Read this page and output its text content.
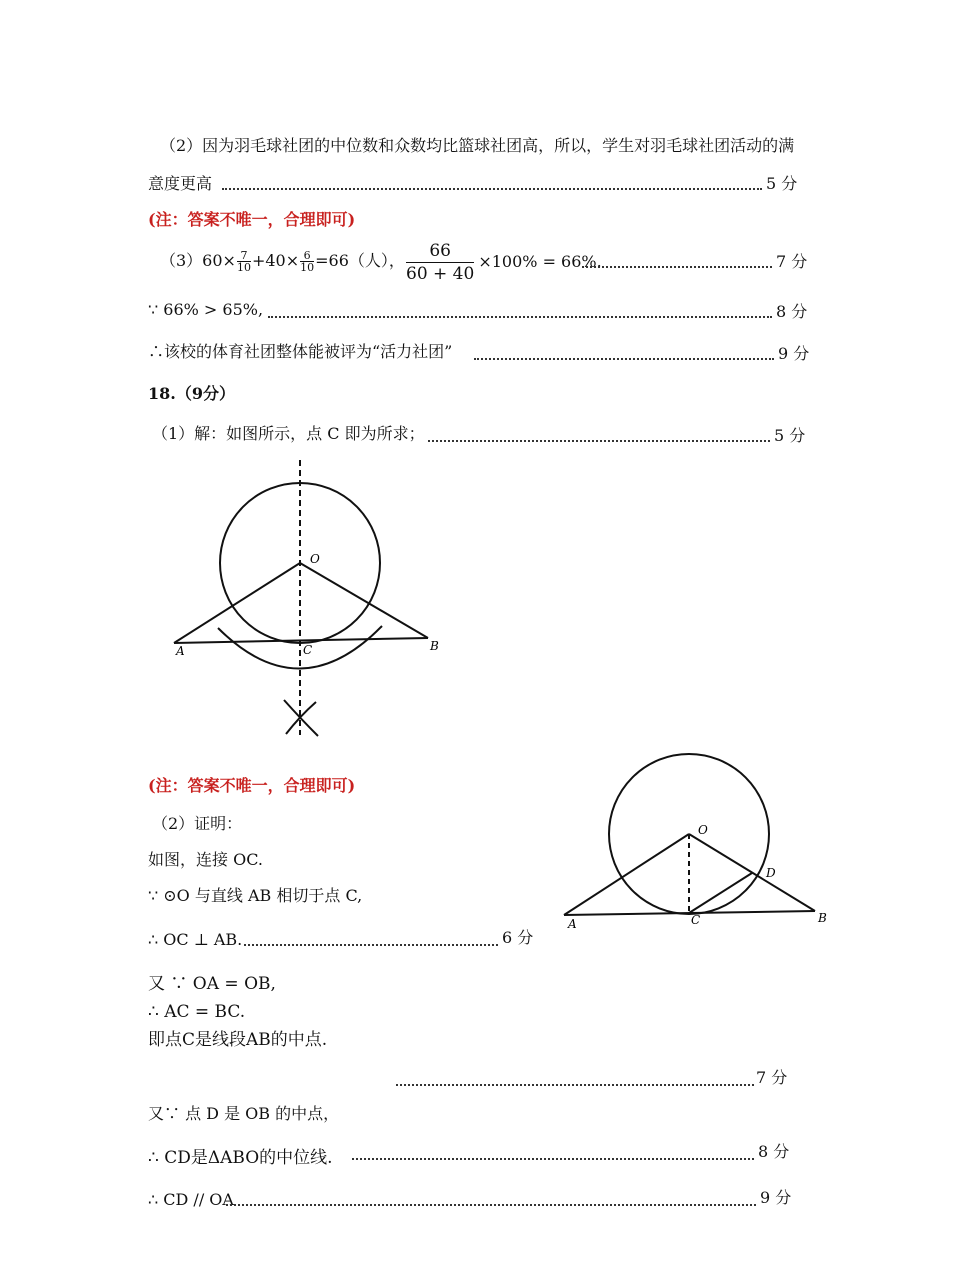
（2）因为羽毛球社团的中位数和众数均比篮球社团高，所以，学生对羽毛球社团活动的满
意度更高	5 分
(注：答案不唯一，合理即可)
$(3)60\times \frac{7}{10} +40\times \frac{6}{10} =66$（人）， $\frac{66}{60 + 40} \times 100\% = 66\%$.	7 分
∵ 66% > 65%,	8 分
∴该校的体育社团整体能被评为“活力社团”	9 分
18.（9分）
（1）解：如图所示，点 C 即为所求；	5 分
O
A	B
C
O
A	B
C
D
(注：答案不唯一，合理即可)
（2）证明：
如图，连接 OC.
∵ ⊙O 与直线 AB 相切于点 C,
∴ OC ⊥ AB.	6 分
又 ∵ OA = OB,
∴ AC = BC.
即点C是线段AB的中点.
7 分
又∵ 点 D 是 OB 的中点，
∴ CD是ΔABO的中位线.	8 分
∴ CD // OA	9 分
